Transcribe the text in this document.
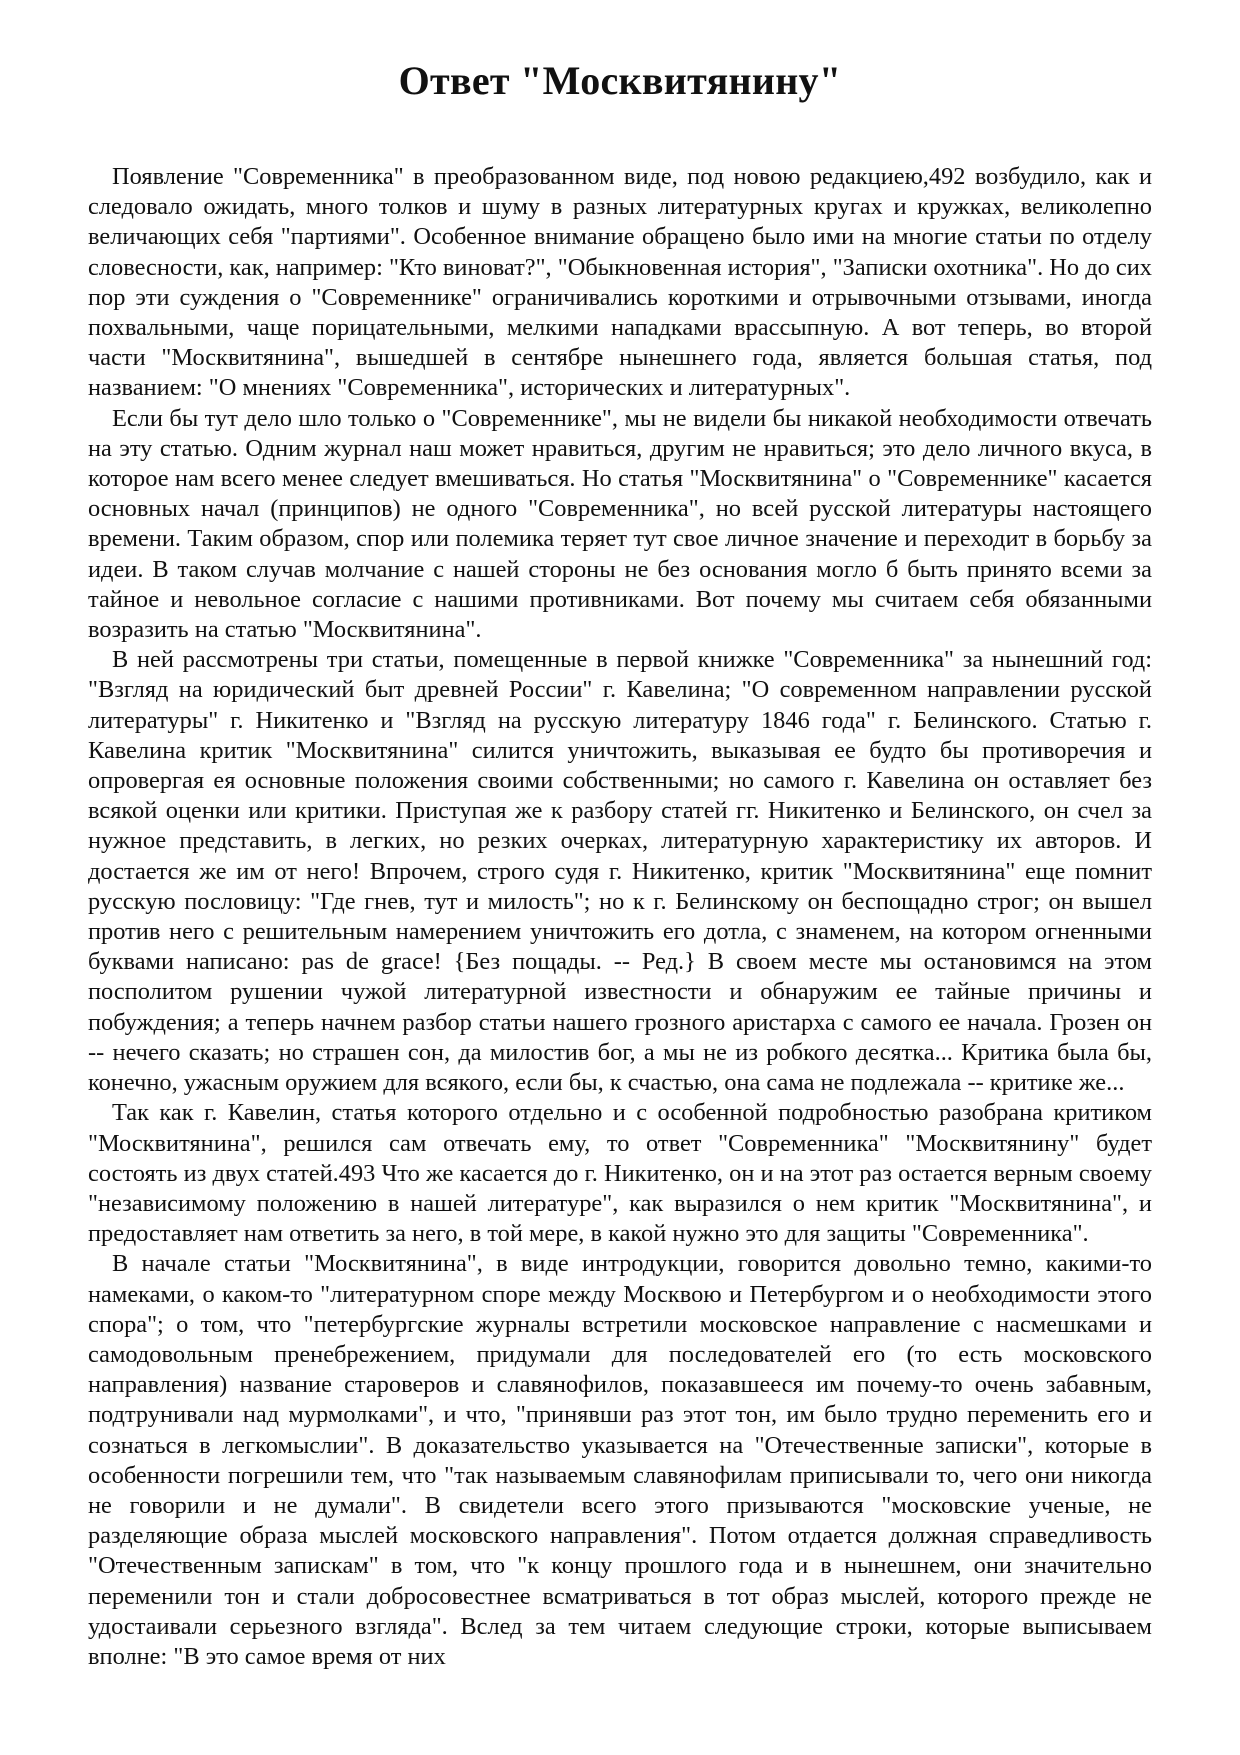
Ответ "Москвитянину"

Появление "Современника" в преобразованном виде, под новою редакциею,492 возбудило, как и следовало ожидать, много толков и шуму в разных литературных кругах и кружках, великолепно величающих себя "партиями". Особенное внимание обращено было ими на многие статьи по отделу словесности, как, например: "Кто виноват?", "Обыкновенная история", "Записки охотника". Но до сих пор эти суждения о "Современнике" ограничивались короткими и отрывочными отзывами, иногда похвальными, чаще порицательными, мелкими нападками врассыпную. А вот теперь, во второй части "Москвитянина", вышедшей в сентябре нынешнего года, является большая статья, под названием: "О мнениях "Современника", исторических и литературных".

Если бы тут дело шло только о "Современнике", мы не видели бы никакой необходимости отвечать на эту статью. Одним журнал наш может нравиться, другим не нравиться; это дело личного вкуса, в которое нам всего менее следует вмешиваться. Но статья "Москвитянина" о "Современнике" касается основных начал (принципов) не одного "Современника", но всей русской литературы настоящего времени. Таким образом, спор или полемика теряет тут свое личное значение и переходит в борьбу за идеи. В таком случав молчание с нашей стороны не без основания могло б быть принято всеми за тайное и невольное согласие с нашими противниками. Вот почему мы считаем себя обязанными возразить на статью "Москвитянина".

В ней рассмотрены три статьи, помещенные в первой книжке "Современника" за нынешний год: "Взгляд на юридический быт древней России" г. Кавелина; "О современном направлении русской литературы" г. Никитенко и "Взгляд на русскую литературу 1846 года" г. Белинского. Статью г. Кавелина критик "Москвитянина" силится уничтожить, выказывая ее будто бы противоречия и опровергая ея основные положения своими собственными; но самого г. Кавелина он оставляет без всякой оценки или критики. Приступая же к разбору статей гг. Никитенко и Белинского, он счел за нужное представить, в легких, но резких очерках, литературную характеристику их авторов. И достается же им от него! Впрочем, строго судя г. Никитенко, критик "Москвитянина" еще помнит русскую пословицу: "Где гнев, тут и милость"; но к г. Белинскому он беспощадно строг; он вышел против него с решительным намерением уничтожить его дотла, с знаменем, на котором огненными буквами написано: pas de grace! {Без пощады. -- Ред.} В своем месте мы остановимся на этом посполитом рушении чужой литературной известности и обнаружим ее тайные причины и побуждения; а теперь начнем разбор статьи нашего грозного аристарха с самого ее начала. Грозен он -- нечего сказать; но страшен сон, да милостив бог, а мы не из робкого десятка... Критика была бы, конечно, ужасным оружием для всякого, если бы, к счастью, она сама не подлежала -- критике же...

Так как г. Кавелин, статья которого отдельно и с особенной подробностью разобрана критиком "Москвитянина", решился сам отвечать ему, то ответ "Современника" "Москвитянину" будет состоять из двух статей.493 Что же касается до г. Никитенко, он и на этот раз остается верным своему "независимому положению в нашей литературе", как выразился о нем критик "Москвитянина", и предоставляет нам ответить за него, в той мере, в какой нужно это для защиты "Современника".

В начале статьи "Москвитянина", в виде интродукции, говорится довольно темно, какими-то намеками, о каком-то "литературном споре между Москвою и Петербургом и о необходимости этого спора"; о том, что "петербургские журналы встретили московское направление с насмешками и самодовольным пренебрежением, придумали для последователей его (то есть московского направления) название староверов и славянофилов, показавшееся им почему-то очень забавным, подтрунивали над мурмолками", и что, "принявши раз этот тон, им было трудно переменить его и сознаться в легкомыслии". В доказательство указывается на "Отечественные записки", которые в особенности погрешили тем, что "так называемым славянофилам приписывали то, чего они никогда не говорили и не думали". В свидетели всего этого призываются "московские ученые, не разделяющие образа мыслей московского направления". Потом отдается должная справедливость "Отечественным запискам" в том, что "к концу прошлого года и в нынешнем, они значительно переменили тон и стали добросовестнее всматриваться в тот образ мыслей, которого прежде не удостаивали серьезного взгляда". Вслед за тем читаем следующие строки, которые выписываем вполне: "В это самое время от них
